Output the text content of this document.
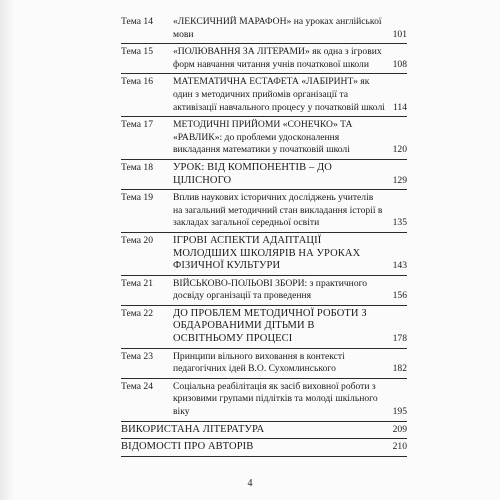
Тема 14	«ЛЕКСИЧНИЙ МАРАФОН» на уроках англійської мови	101
Тема 15	«ПОЛЮВАННЯ ЗА ЛІТЕРАМИ» як одна з ігрових форм навчання читання учнів початкової школи	108
Тема 16	МАТЕМАТИЧНА ЕСТАФЕТА «ЛАБІРИНТ» як один з методичних прийомів організації та активізації навчального процесу у початковій школі 114
Тема 17	МЕТОДИЧНІ ПРИЙОМИ «СОНЕЧКО» ТА «РАВЛИК»: до проблеми удосконалення викладання математики у початковій школі	120
Тема 18	УРОК: ВІД КОМПОНЕНТІВ – ДО ЦІЛІСНОГО	129
Тема 19	Вплив наукових історичних досліджень учителів на загальний методичний стан викладання історії в закладах загальної середньої освіти	135
Тема 20	ІГРОВІ АСПЕКТИ АДАПТАЦІЇ МОЛОДШИХ ШКОЛЯРІВ НА УРОКАХ ФІЗИЧНОЇ КУЛЬТУРИ	143
Тема 21	ВІЙСЬКОВО-ПОЛЬОВІ ЗБОРИ: з практичного досвіду організації та проведення	156
Тема 22	ДО ПРОБЛЕМ МЕТОДИЧНОЇ РОБОТИ З ОБДАРОВАНИМИ ДІТЬМИ В ОСВІТНЬОМУ ПРОЦЕСІ	178
Тема 23	Принципи вільного виховання в контексті педагогічних ідей В.О. Сухомлинського	182
Тема 24	Соціальна реабілітація як засіб виховної роботи з кризовими групами підлітків та молоді шкільного віку	195
ВИКОРИСТАНА ЛІТЕРАТУРА	209
ВІДОМОСТІ ПРО АВТОРІВ	210
4
